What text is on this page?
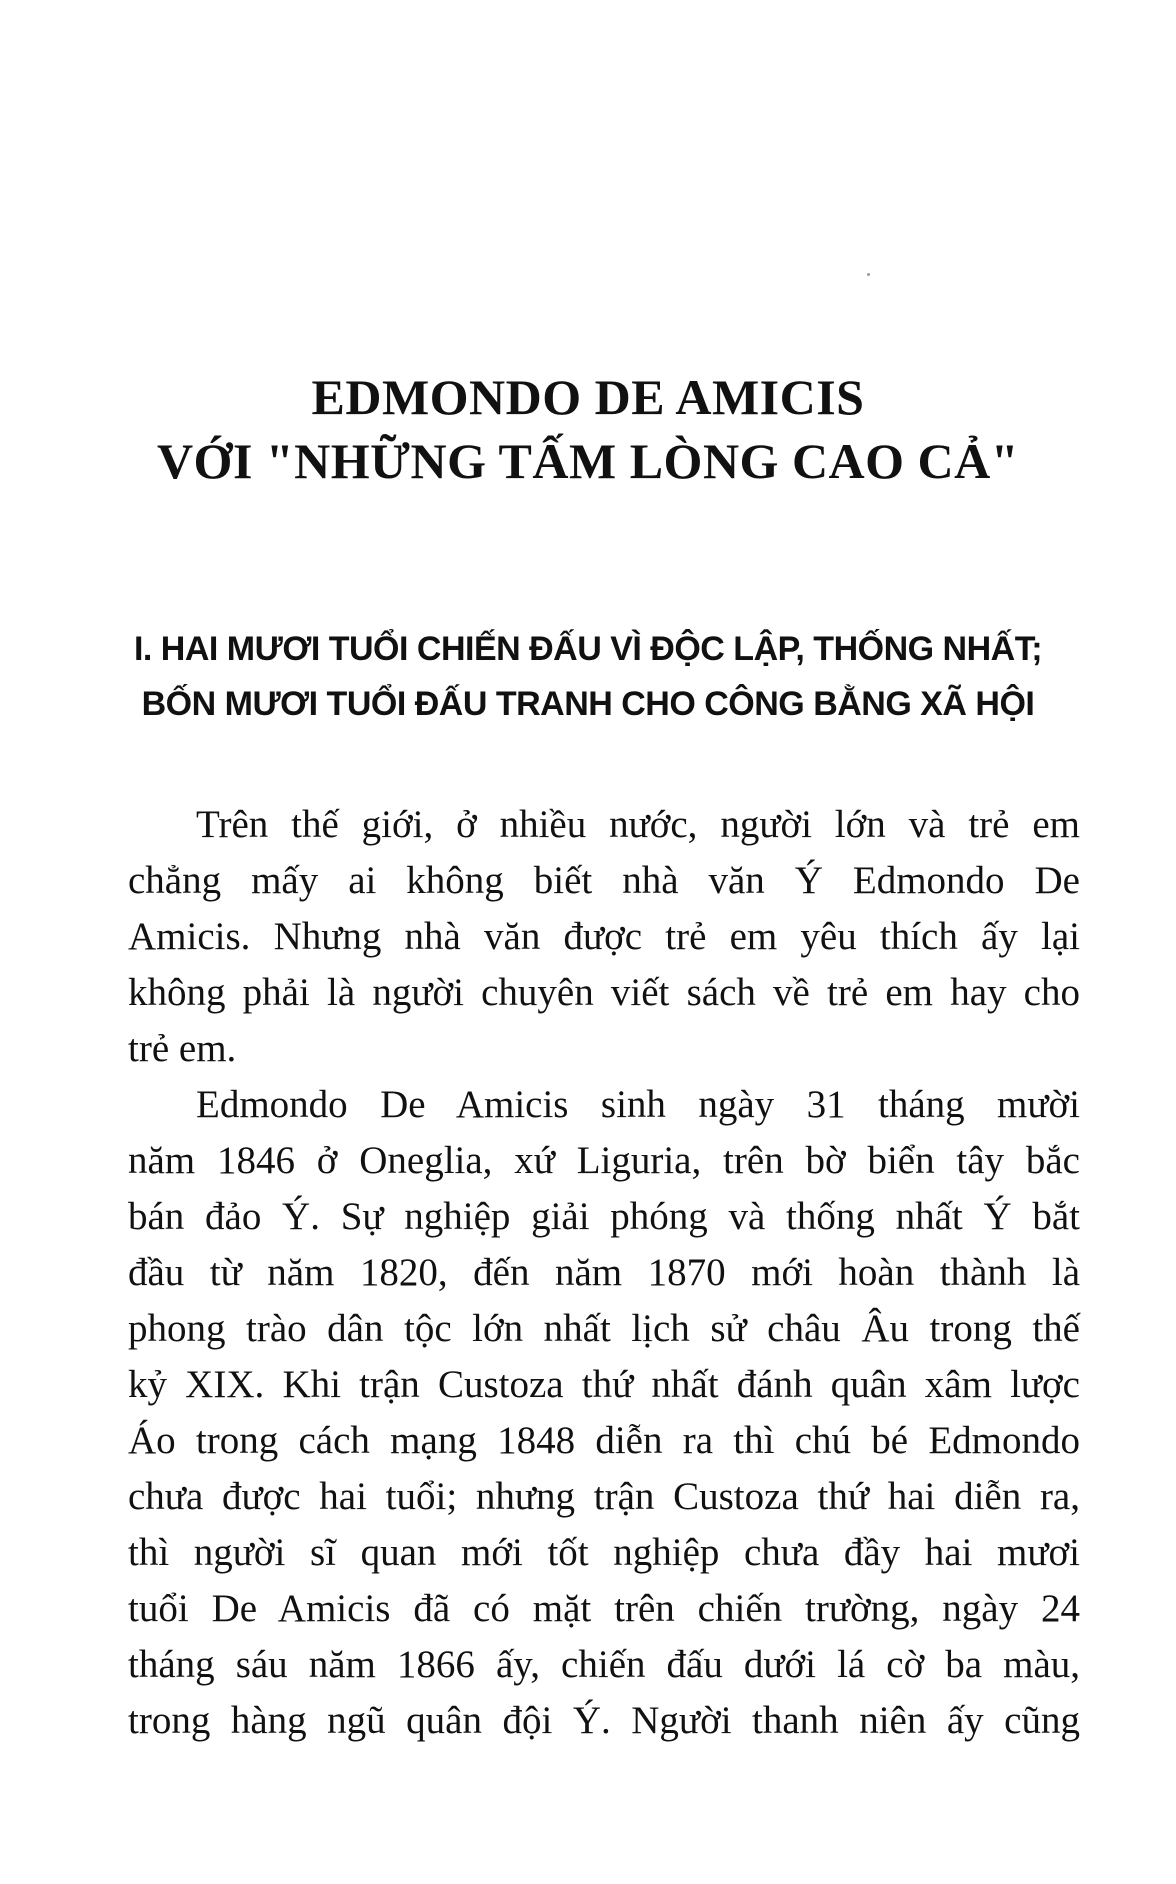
EDMONDO DE AMICIS
VỚI "NHỮNG TẤM LÒNG CAO CẢ"
I. HAI MƯƠI TUỔI CHIẾN ĐẤU VÌ ĐỘC LẬP, THỐNG NHẤT;
BỐN MƯƠI TUỔI ĐẤU TRANH CHO CÔNG BẰNG XÃ HỘI
Trên thế giới, ở nhiều nước, người lớn và trẻ em
chẳng mấy ai không biết nhà văn Ý Edmondo De
Amicis. Nhưng nhà văn được trẻ em yêu thích ấy lại
không phải là người chuyên viết sách về trẻ em hay cho
trẻ em.
Edmondo De Amicis sinh ngày 31 tháng mười
năm 1846 ở Oneglia, xứ Liguria, trên bờ biển tây bắc
bán đảo Ý. Sự nghiệp giải phóng và thống nhất Ý bắt
đầu từ năm 1820, đến năm 1870 mới hoàn thành là
phong trào dân tộc lớn nhất lịch sử châu Âu trong thế
kỷ XIX. Khi trận Custoza thứ nhất đánh quân xâm lược
Áo trong cách mạng 1848 diễn ra thì chú bé Edmondo
chưa được hai tuổi; nhưng trận Custoza thứ hai diễn ra,
thì người sĩ quan mới tốt nghiệp chưa đầy hai mươi
tuổi De Amicis đã có mặt trên chiến trường, ngày 24
tháng sáu năm 1866 ấy, chiến đấu dưới lá cờ ba màu,
trong hàng ngũ quân đội Ý. Người thanh niên ấy cũng
